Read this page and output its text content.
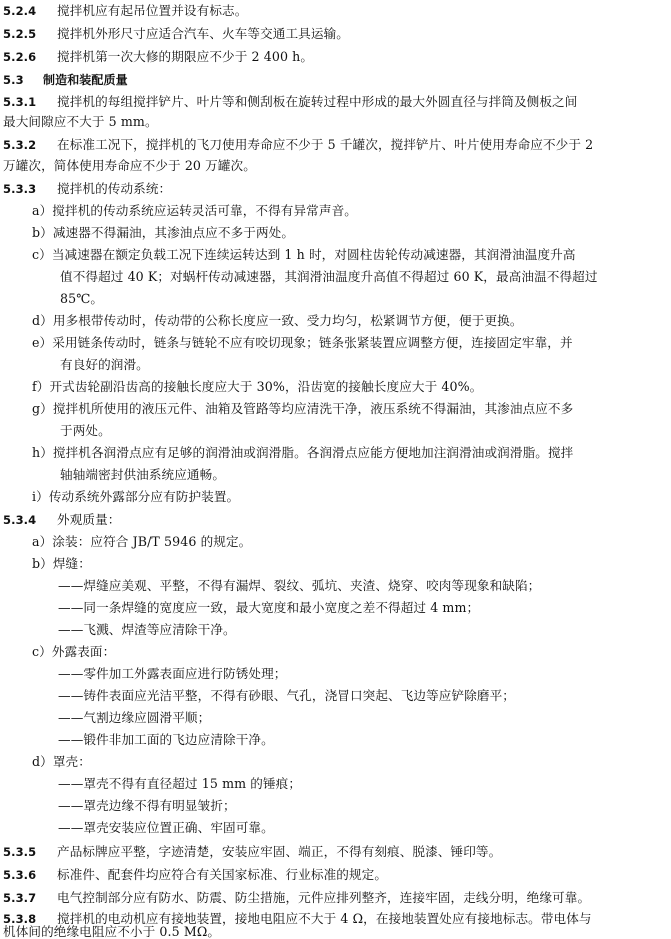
5.2.4 搅拌机应有起吊位置并设有标志。
5.2.5 搅拌机外形尺寸应适合汽车、火车等交通工具运输。
5.2.6 搅拌机第一次大修的期限应不少于 2 400 h。
5.3 制造和装配质量
5.3.1 搅拌机的每组搅拌铲片、叶片等和侧刮板在旋转过程中形成的最大外圆直径与拌筒及侧板之间
最大间隙应不大于 5 mm。
5.3.2 在标准工况下，搅拌机的飞刀使用寿命应不少于 5 千罐次，搅拌铲片、叶片使用寿命应不少于 2
万罐次，简体使用寿命应不少于 20 万罐次。
5.3.3 搅拌机的传动系统：
a）搅拌机的传动系统应运转灵活可靠，不得有异常声音。
b）减速器不得漏油，其渗油点应不多于两处。
c）当减速器在额定负载工况下连续运转达到 1 h 时，对圆柱齿轮传动减速器，其润滑油温度升高
值不得超过 40 K；对蜗杆传动减速器，其润滑油温度升高值不得超过 60 K，最高油温不得超过
85℃。
d）用多根带传动时，传动带的公称长度应一致、受力均匀，松紧调节方便，便于更换。
e）采用链条传动时，链条与链轮不应有咬切现象；链条张紧装置应调整方便，连接固定牢靠，并
有良好的润滑。
f）开式齿轮副沿齿高的接触长度应大于 30%，沿齿宽的接触长度应大于 40%。
g）搅拌机所使用的液压元件、油箱及管路等均应清洗干净，液压系统不得漏油，其渗油点应不多
于两处。
h）搅拌机各润滑点应有足够的润滑油或润滑脂。各润滑点应能方便地加注润滑油或润滑脂。搅拌
轴轴端密封供油系统应通畅。
i）传动系统外露部分应有防护装置。
5.3.4 外观质量：
a）涂装：应符合 JB/T 5946 的规定。
b）焊缝：
——焊缝应美观、平整，不得有漏焊、裂纹、弧坑、夹渣、烧穿、咬肉等现象和缺陷；
——同一条焊缝的宽度应一致，最大宽度和最小宽度之差不得超过 4 mm；
——飞溅、焊渣等应清除干净。
c）外露表面：
——零件加工外露表面应进行防锈处理；
——铸件表面应光洁平整，不得有砂眼、气孔，浇冒口突起、飞边等应铲除磨平；
——气割边缘应圆滑平顺；
——锻件非加工面的飞边应清除干净。
d）罩壳：
——罩壳不得有直径超过 15 mm 的锤痕；
——罩壳边缘不得有明显皱折；
——罩壳安装应位置正确、牢固可靠。
5.3.5 产品标牌应平整，字迹清楚，安装应牢固、端正，不得有刻痕、脱漆、锤印等。
5.3.6 标准件、配套件均应符合有关国家标准、行业标准的规定。
5.3.7 电气控制部分应有防水、防震、防尘措施，元件应排列整齐，连接牢固，走线分明，绝缘可靠。
5.3.8 搅拌机的电动机应有接地装置，接地电阻应不大于 4 Ω，在接地装置处应有接地标志。带电体与
机体间的绝缘电阻应不小于 0.5 MΩ。
